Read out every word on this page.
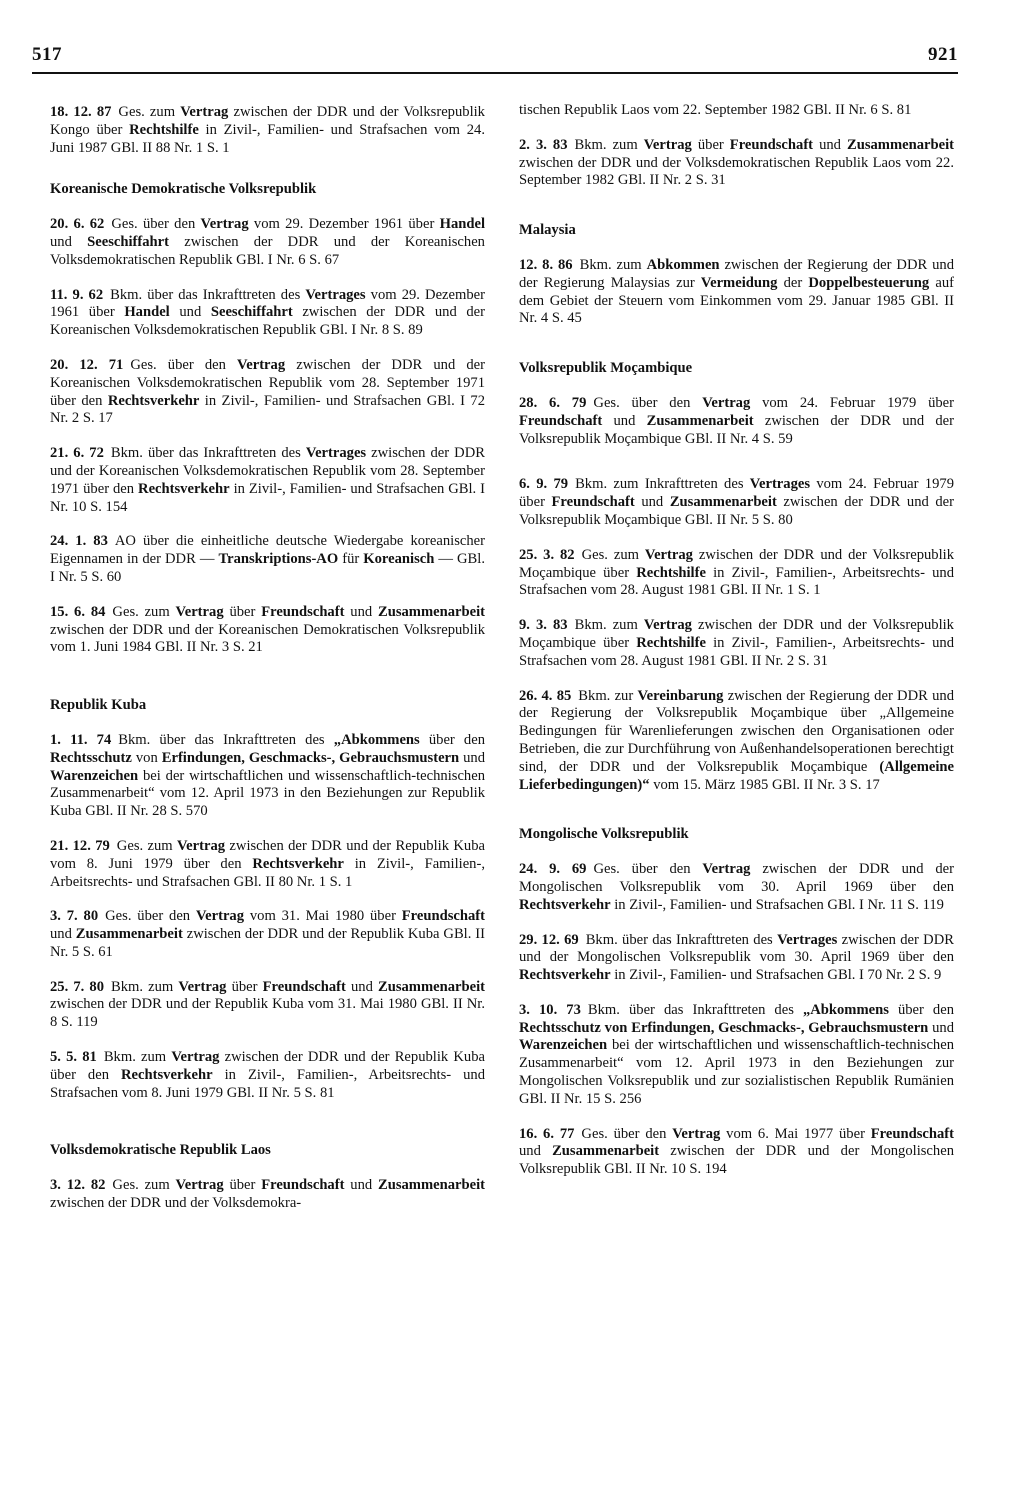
517	921
18. 12. 87 Ges. zum Vertrag zwischen der DDR und der Volksrepublik Kongo über Rechtshilfe in Zivil-, Familien- und Strafsachen vom 24. Juni 1987 GBl. II 88 Nr. 1 S. 1
Koreanische Demokratische Volksrepublik
20. 6. 62 Ges. über den Vertrag vom 29. Dezember 1961 über Handel und Seeschiffahrt zwischen der DDR und der Koreanischen Volksdemokratischen Republik GBl. I Nr. 6 S. 67
11. 9. 62 Bkm. über das Inkrafttreten des Vertrages vom 29. Dezember 1961 über Handel und Seeschiffahrt zwischen der DDR und der Koreanischen Volksdemokratischen Republik GBl. I Nr. 8 S. 89
20. 12. 71 Ges. über den Vertrag zwischen der DDR und der Koreanischen Volksdemokratischen Republik vom 28. September 1971 über den Rechtsverkehr in Zivil-, Familien- und Strafsachen GBl. I 72 Nr. 2 S. 17
21. 6. 72 Bkm. über das Inkrafttreten des Vertrages zwischen der DDR und der Koreanischen Volksdemokratischen Republik vom 28. September 1971 über den Rechtsverkehr in Zivil-, Familien- und Strafsachen GBl. I Nr. 10 S. 154
24. 1. 83 AO über die einheitliche deutsche Wiedergabe koreanischer Eigennamen in der DDR — Transkriptions-AO für Koreanisch — GBl. I Nr. 5 S. 60
15. 6. 84 Ges. zum Vertrag über Freundschaft und Zusammenarbeit zwischen der DDR und der Koreanischen Demokratischen Volksrepublik vom 1. Juni 1984 GBl. II Nr. 3 S. 21
Republik Kuba
1. 11. 74 Bkm. über das Inkrafttreten des „Abkommens über den Rechtsschutz von Erfindungen, Geschmacks-, Gebrauchsmustern und Warenzeichen bei der wirtschaftlichen und wissenschaftlich-technischen Zusammenarbeit“ vom 12. April 1973 in den Beziehungen zur Republik Kuba GBl. II Nr. 28 S. 570
21. 12. 79 Ges. zum Vertrag zwischen der DDR und der Republik Kuba vom 8. Juni 1979 über den Rechtsverkehr in Zivil-, Familien-, Arbeitsrechts- und Strafsachen GBl. II 80 Nr. 1 S. 1
3. 7. 80 Ges. über den Vertrag vom 31. Mai 1980 über Freundschaft und Zusammenarbeit zwischen der DDR und der Republik Kuba GBl. II Nr. 5 S. 61
25. 7. 80 Bkm. zum Vertrag über Freundschaft und Zusammenarbeit zwischen der DDR und der Republik Kuba vom 31. Mai 1980 GBl. II Nr. 8 S. 119
5. 5. 81 Bkm. zum Vertrag zwischen der DDR und der Republik Kuba über den Rechtsverkehr in Zivil-, Familien-, Arbeitsrechts- und Strafsachen vom 8. Juni 1979 GBl. II Nr. 5 S. 81
Volksdemokratische Republik Laos
3. 12. 82 Ges. zum Vertrag über Freundschaft und Zusammenarbeit zwischen der DDR und der Volksdemokra-
tischen Republik Laos vom 22. September 1982 GBl. II Nr. 6 S. 81
2. 3. 83 Bkm. zum Vertrag über Freundschaft und Zusammenarbeit zwischen der DDR und der Volksdemokratischen Republik Laos vom 22. September 1982 GBl. II Nr. 2 S. 31
Malaysia
12. 8. 86 Bkm. zum Abkommen zwischen der Regierung der DDR und der Regierung Malaysias zur Vermeidung der Doppelbesteuerung auf dem Gebiet der Steuern vom Einkommen vom 29. Januar 1985 GBl. II Nr. 4 S. 45
Volksrepublik Moçambique
28. 6. 79 Ges. über den Vertrag vom 24. Februar 1979 über Freundschaft und Zusammenarbeit zwischen der DDR und der Volksrepublik Moçambique GBl. II Nr. 4 S. 59
6. 9. 79 Bkm. zum Inkrafttreten des Vertrages vom 24. Februar 1979 über Freundschaft und Zusammenarbeit zwischen der DDR und der Volksrepublik Moçambique GBl. II Nr. 5 S. 80
25. 3. 82 Ges. zum Vertrag zwischen der DDR und der Volksrepublik Moçambique über Rechtshilfe in Zivil-, Familien-, Arbeitsrechts- und Strafsachen vom 28. August 1981 GBl. II Nr. 1 S. 1
9. 3. 83 Bkm. zum Vertrag zwischen der DDR und der Volksrepublik Moçambique über Rechtshilfe in Zivil-, Familien-, Arbeitsrechts- und Strafsachen vom 28. August 1981 GBl. II Nr. 2 S. 31
26. 4. 85 Bkm. zur Vereinbarung zwischen der Regierung der DDR und der Regierung der Volksrepublik Moçambique über „Allgemeine Bedingungen für Warenlieferungen zwischen den Organisationen oder Betrieben, die zur Durchführung von Außenhandelsoperationen berechtigt sind, der DDR und der Volksrepublik Moçambique (Allgemeine Lieferbedingungen)“ vom 15. März 1985 GBl. II Nr. 3 S. 17
Mongolische Volksrepublik
24. 9. 69 Ges. über den Vertrag zwischen der DDR und der Mongolischen Volksrepublik vom 30. April 1969 über den Rechtsverkehr in Zivil-, Familien- und Strafsachen GBl. I Nr. 11 S. 119
29. 12. 69 Bkm. über das Inkrafttreten des Vertrages zwischen der DDR und der Mongolischen Volksrepublik vom 30. April 1969 über den Rechtsverkehr in Zivil-, Familien- und Strafsachen GBl. I 70 Nr. 2 S. 9
3. 10. 73 Bkm. über das Inkrafttreten des „Abkommens über den Rechtsschutz von Erfindungen, Geschmacks-, Gebrauchsmustern und Warenzeichen bei der wirtschaftlichen und wissenschaftlich-technischen Zusammenarbeit“ vom 12. April 1973 in den Beziehungen zur Mongolischen Volksrepublik und zur sozialistischen Republik Rumänien GBl. II Nr. 15 S. 256
16. 6. 77 Ges. über den Vertrag vom 6. Mai 1977 über Freundschaft und Zusammenarbeit zwischen der DDR und der Mongolischen Volksrepublik GBl. II Nr. 10 S. 194
